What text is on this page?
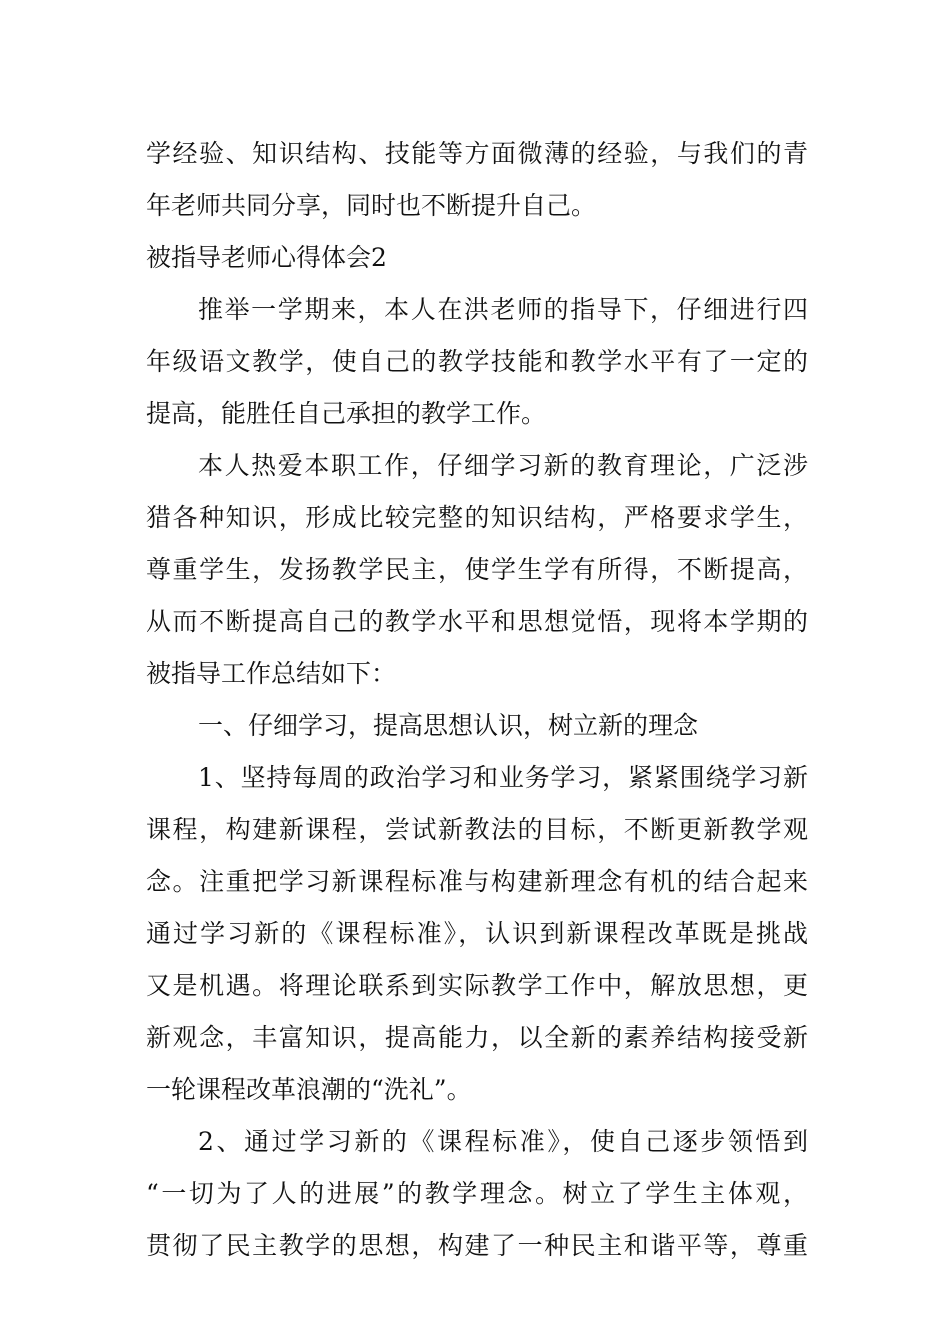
学经验、知识结构、技能等方面微薄的经验，与我们的青
年老师共同分享，同时也不断提升自己。
被指导老师心得体会2
推举一学期来，本人在洪老师的指导下，仔细进行四
年级语文教学，使自己的教学技能和教学水平有了一定的
提高，能胜任自己承担的教学工作。
本人热爱本职工作，仔细学习新的教育理论，广泛涉
猎各种知识，形成比较完整的知识结构，严格要求学生，
尊重学生，发扬教学民主，使学生学有所得，不断提高，
从而不断提高自己的教学水平和思想觉悟，现将本学期的
被指导工作总结如下：
一、仔细学习，提高思想认识，树立新的理念
1、坚持每周的政治学习和业务学习，紧紧围绕学习新
课程，构建新课程，尝试新教法的目标，不断更新教学观
念。注重把学习新课程标准与构建新理念有机的结合起来
通过学习新的《课程标准》，认识到新课程改革既是挑战
又是机遇。将理论联系到实际教学工作中，解放思想，更
新观念，丰富知识，提高能力，以全新的素养结构接受新
一轮课程改革浪潮的“洗礼”。
2、通过学习新的《课程标准》，使自己逐步领悟到
“一切为了人的进展”的教学理念。树立了学生主体观，
贯彻了民主教学的思想，构建了一种民主和谐平等，尊重
